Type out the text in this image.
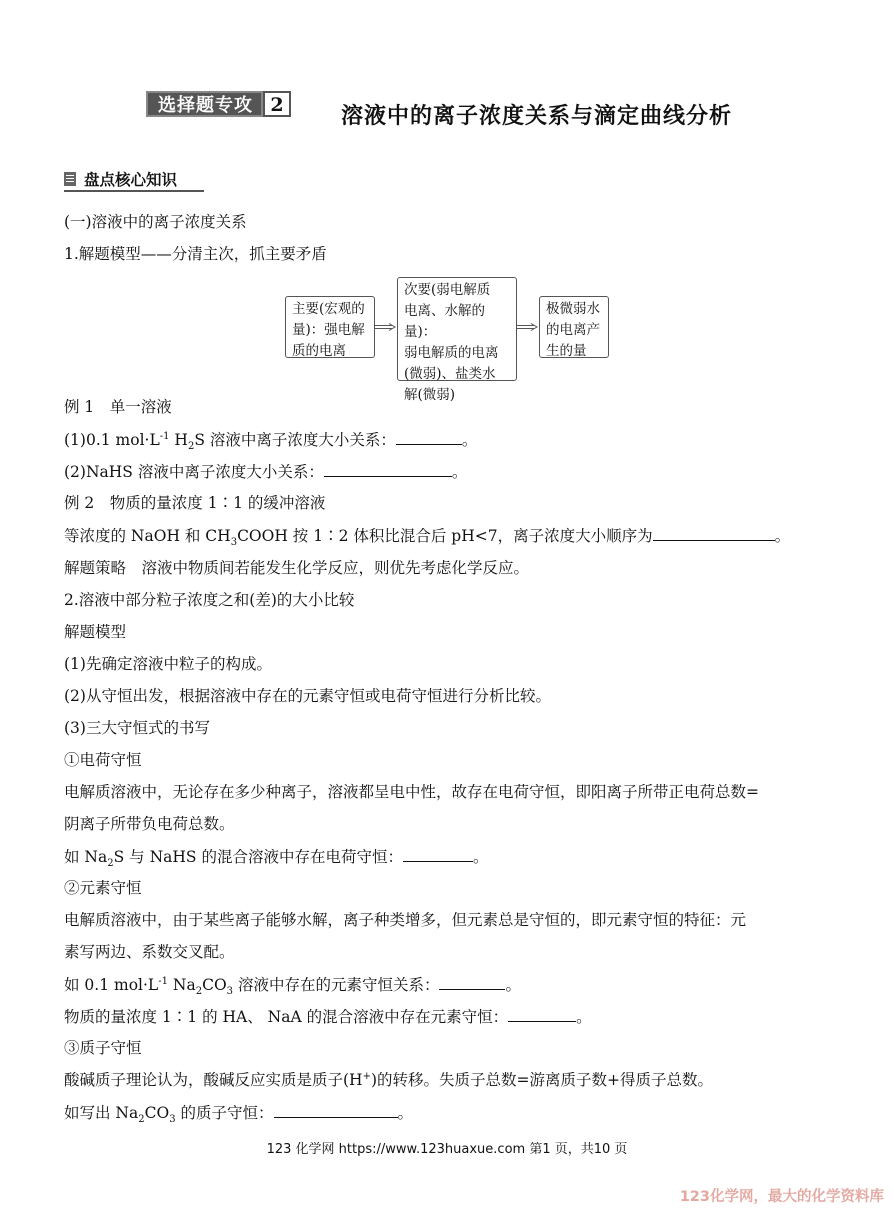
选择题专攻 2	溶液中的离子浓度关系与滴定曲线分析
盘点核心知识
(一)溶液中的离子浓度关系
1.解题模型——分清主次，抓主要矛盾
主要(宏观的
量)：强电解
质的电离
次要(弱电解质
电离、水解的量)：
弱电解质的电离
(微弱)、盐类水
解(微弱)
极微弱水
的电离产
生的量
例 1　单一溶液
(1)0.1 $mol\cdot L^{-1}$ $H_2S$ 溶液中离子浓度大小关系：	。
(2)NaHS 溶液中离子浓度大小关系：	。
例 2　物质的量浓度 1∶1 的缓冲溶液
等浓度的 NaOH 和 $CH_3COOH$ 按 1∶2 体积比混合后 pH<7，离子浓度大小顺序为	。
解题策略　溶液中物质间若能发生化学反应，则优先考虑化学反应。
2.溶液中部分粒子浓度之和(差)的大小比较
解题模型
(1)先确定溶液中粒子的构成。
(2)从守恒出发，根据溶液中存在的元素守恒或电荷守恒进行分析比较。
(3)三大守恒式的书写
①电荷守恒
电解质溶液中，无论存在多少种离子，溶液都呈电中性，故存在电荷守恒，即阳离子所带正电荷总数=
阴离子所带负电荷总数。
如 $Na_2S$ 与 NaHS 的混合溶液中存在电荷守恒：	。
②元素守恒
电解质溶液中，由于某些离子能够水解，离子种类增多，但元素总是守恒的，即元素守恒的特征：元
素写两边、系数交叉配。
如 0.1 $mol\cdot L^{-1}$ $Na_2CO_3$ 溶液中存在的元素守恒关系：	。
物质的量浓度 1∶1 的 HA、 NaA 的混合溶液中存在元素守恒：	。
③质子守恒
酸碱质子理论认为，酸碱反应实质是质子(H+)的转移。失质子总数=游离质子数+得质子总数。
如写出 $Na_2CO_3$ 的质子守恒：	。
123 化学网 https://www.123huaxue.com 第1 页，共10 页
123化学网，最大的化学资料库
